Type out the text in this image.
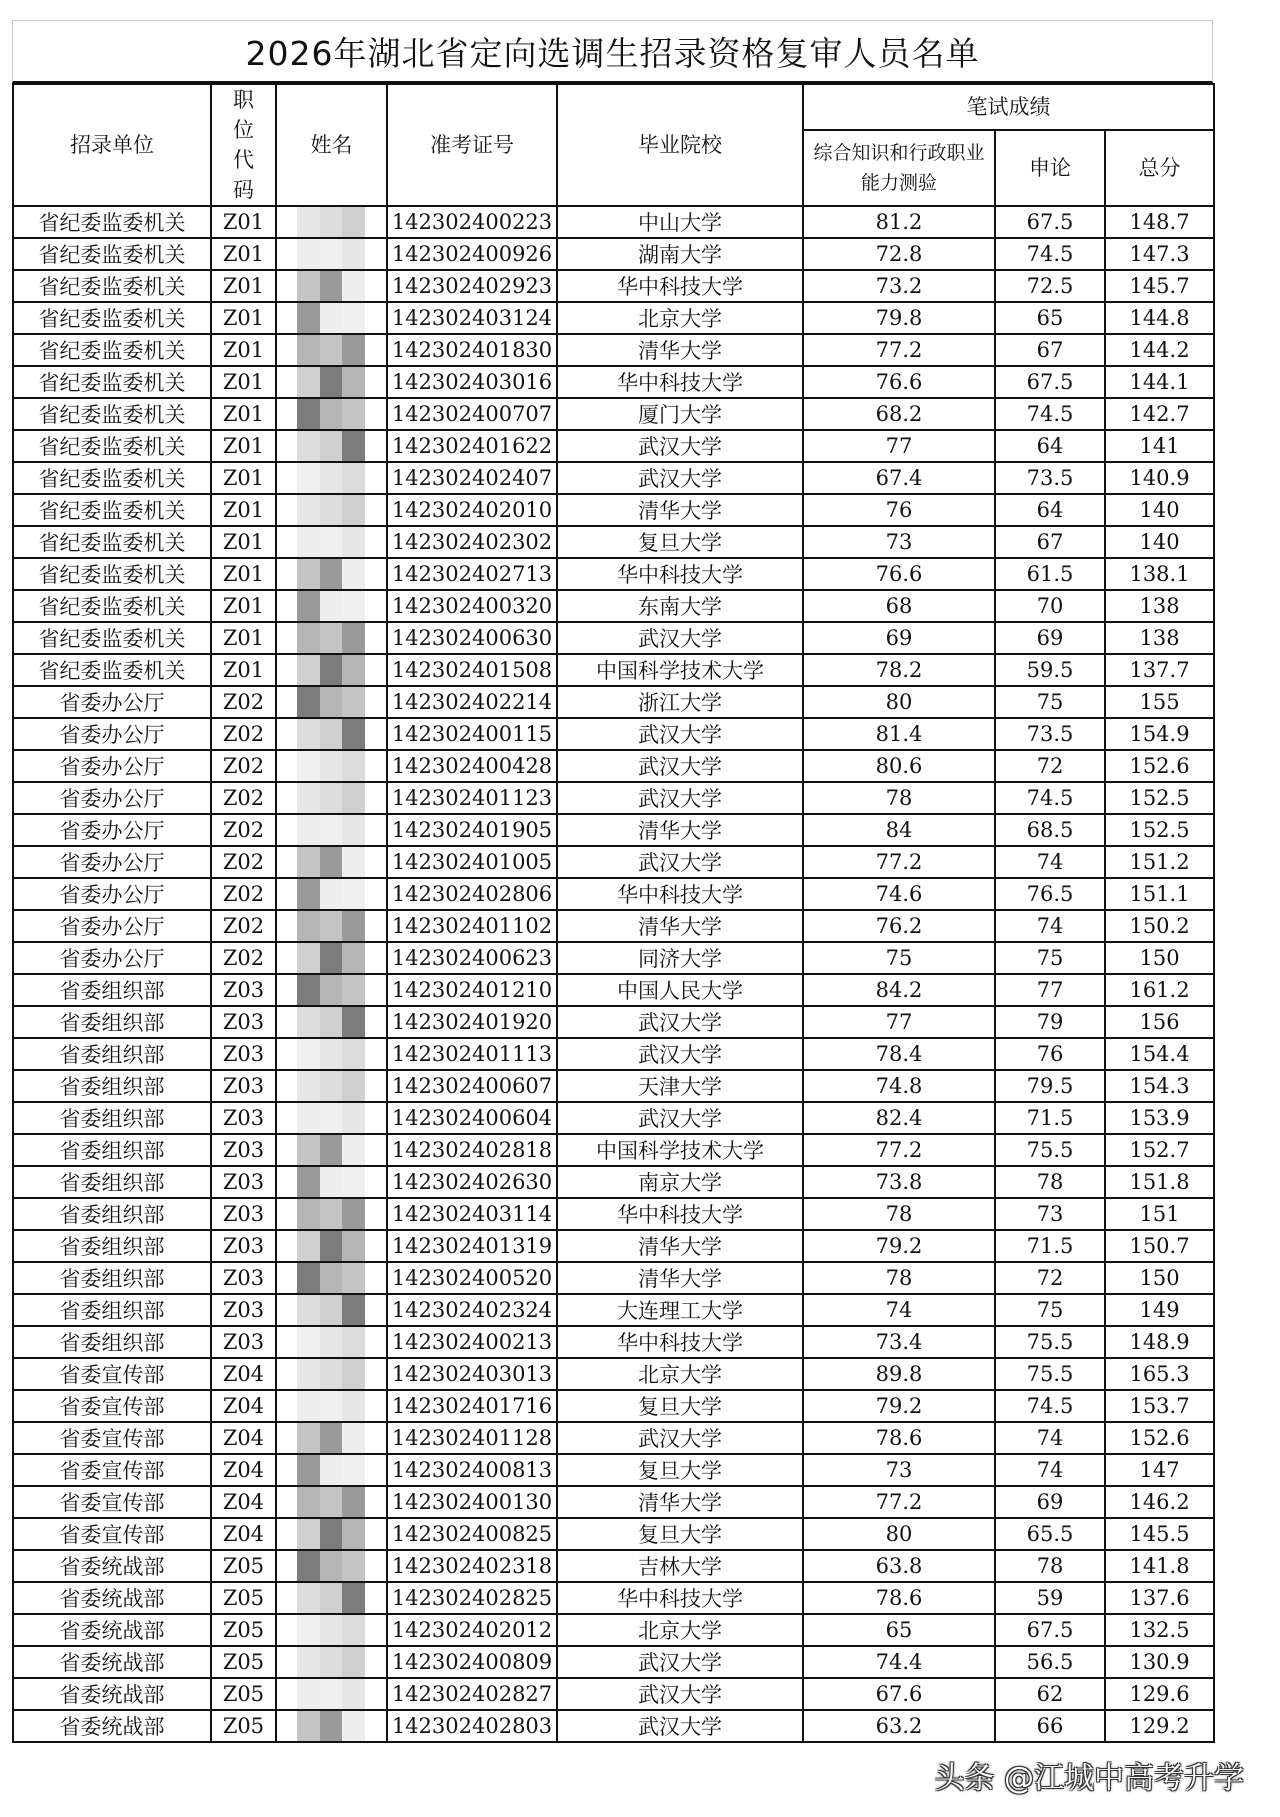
2026年湖北省定向选调生招录资格复审人员名单
招录单位	职位代码	姓名	准考证号	毕业院校	笔试成绩		
					综合知识和行政职业能力测验	申论	总分
省纪委监委机关	Z01		142302400223	中山大学	81.2	67.5	148.7
省纪委监委机关	Z01		142302400926	湖南大学	72.8	74.5	147.3
省纪委监委机关	Z01		142302402923	华中科技大学	73.2	72.5	145.7
省纪委监委机关	Z01		142302403124	北京大学	79.8	65	144.8
省纪委监委机关	Z01		142302401830	清华大学	77.2	67	144.2
省纪委监委机关	Z01		142302403016	华中科技大学	76.6	67.5	144.1
省纪委监委机关	Z01		142302400707	厦门大学	68.2	74.5	142.7
省纪委监委机关	Z01		142302401622	武汉大学	77	64	141
省纪委监委机关	Z01		142302402407	武汉大学	67.4	73.5	140.9
省纪委监委机关	Z01		142302402010	清华大学	76	64	140
省纪委监委机关	Z01		142302402302	复旦大学	73	67	140
省纪委监委机关	Z01		142302402713	华中科技大学	76.6	61.5	138.1
省纪委监委机关	Z01		142302400320	东南大学	68	70	138
省纪委监委机关	Z01		142302400630	武汉大学	69	69	138
省纪委监委机关	Z01		142302401508	中国科学技术大学	78.2	59.5	137.7
省委办公厅	Z02		142302402214	浙江大学	80	75	155
省委办公厅	Z02		142302400115	武汉大学	81.4	73.5	154.9
省委办公厅	Z02		142302400428	武汉大学	80.6	72	152.6
省委办公厅	Z02		142302401123	武汉大学	78	74.5	152.5
省委办公厅	Z02		142302401905	清华大学	84	68.5	152.5
省委办公厅	Z02		142302401005	武汉大学	77.2	74	151.2
省委办公厅	Z02		142302402806	华中科技大学	74.6	76.5	151.1
省委办公厅	Z02		142302401102	清华大学	76.2	74	150.2
省委办公厅	Z02		142302400623	同济大学	75	75	150
省委组织部	Z03		142302401210	中国人民大学	84.2	77	161.2
省委组织部	Z03		142302401920	武汉大学	77	79	156
省委组织部	Z03		142302401113	武汉大学	78.4	76	154.4
省委组织部	Z03		142302400607	天津大学	74.8	79.5	154.3
省委组织部	Z03		142302400604	武汉大学	82.4	71.5	153.9
省委组织部	Z03		142302402818	中国科学技术大学	77.2	75.5	152.7
省委组织部	Z03		142302402630	南京大学	73.8	78	151.8
省委组织部	Z03		142302403114	华中科技大学	78	73	151
省委组织部	Z03		142302401319	清华大学	79.2	71.5	150.7
省委组织部	Z03		142302400520	清华大学	78	72	150
省委组织部	Z03		142302402324	大连理工大学	74	75	149
省委组织部	Z03		142302400213	华中科技大学	73.4	75.5	148.9
省委宣传部	Z04		142302403013	北京大学	89.8	75.5	165.3
省委宣传部	Z04		142302401716	复旦大学	79.2	74.5	153.7
省委宣传部	Z04		142302401128	武汉大学	78.6	74	152.6
省委宣传部	Z04		142302400813	复旦大学	73	74	147
省委宣传部	Z04		142302400130	清华大学	77.2	69	146.2
省委宣传部	Z04		142302400825	复旦大学	80	65.5	145.5
省委统战部	Z05		142302402318	吉林大学	63.8	78	141.8
省委统战部	Z05		142302402825	华中科技大学	78.6	59	137.6
省委统战部	Z05		142302402012	北京大学	65	67.5	132.5
省委统战部	Z05		142302400809	武汉大学	74.4	56.5	130.9
省委统战部	Z05		142302402827	武汉大学	67.6	62	129.6
省委统战部	Z05		142302402803	武汉大学	63.2	66	129.2
头条 @江城中高考升学
